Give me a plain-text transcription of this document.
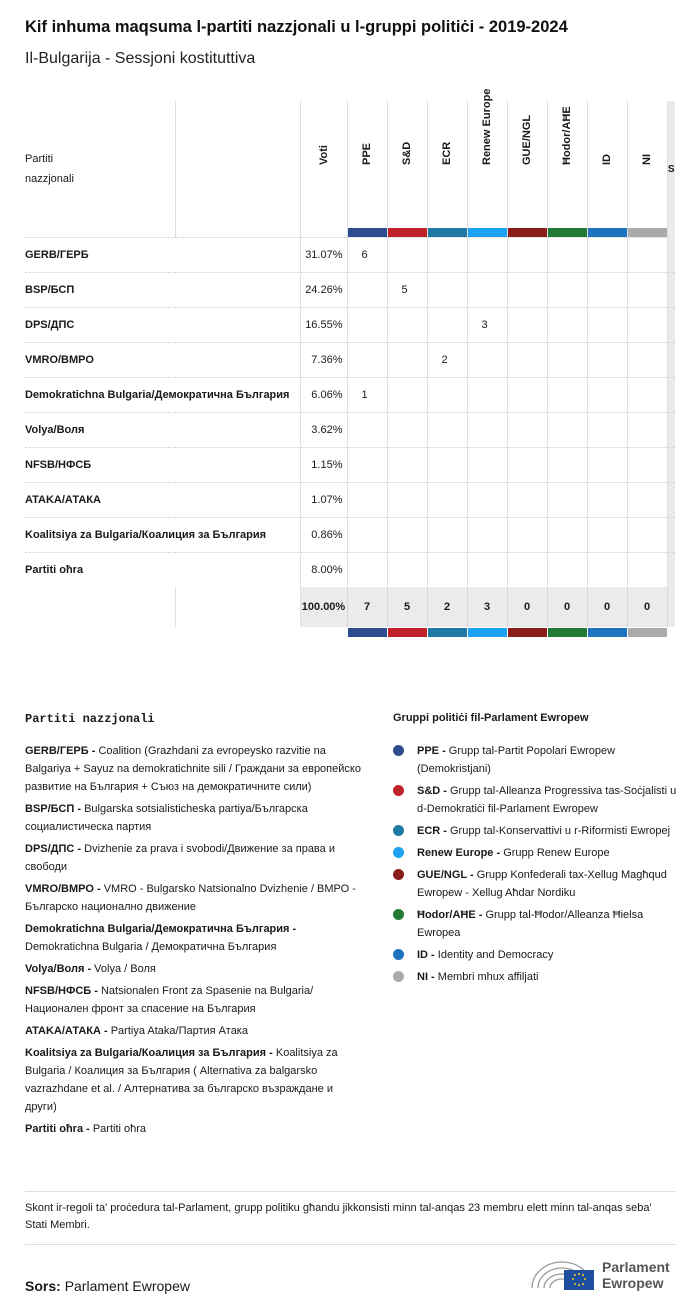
Kif inhuma maqsuma l-partiti nazzjonali u l-gruppi politiċi - 2019-2024
Il-Bulgarija - Sessjoni kostituttiva
Partiti nazzjonali		Voti	PPE	S&D	ECR	Renew Europe	GUE/NGL	Ħodor/AĦE	ID	NI	S
GERB/ГЕРБ		31.07%	6								
BSP/БСП		24.26%		5							
DPS/ДПС		16.55%				3					
VMRO/ВМРО		7.36%			2						
Demokratichna Bulgaria/Демократична България		6.06%	1								
Volya/Воля		3.62%									
NFSB/НФСБ		1.15%									
ATAKA/АТАКА		1.07%									
Koalitsiya za Bulgaria/Коалиция за България		0.86%									
Partiti oħra		8.00%									
		100.00%	7	5	2	3	0	0	0	0

Partiti nazzjonali

GERB/ГЕРБ - Coalition (Grazhdani za evropeysko razvitie na Balgariya + Sayuz na demokratichnite sili / Граждани за европейско развитие на България + Съюз на демократичните сили)

BSP/БСП - Bulgarska sotsialisticheska partiya/Българска социалистическа партия

DPS/ДПС - Dvizhenie za prava i svobodi/Движение за права и свободи

VMRO/ВМРО - VMRO - Bulgarsko Natsionalno Dvizhenie / ВМРО - Българско национално движение

Demokratichna Bulgaria/Демократична България - Demokratichna Bulgaria / Демократична България

Volya/Воля - Volya / Воля

NFSB/НФСБ - Natsionalen Front za Spasenie na Bulgaria/ Национален фронт за спасение на България

ATAKA/АТАКА - Partiya Ataka/Партия Атака

Koalitsiya za Bulgaria/Коалиция за България - Koalitsiya za Bulgaria / Коалиция за България ( Alternativa za balgarsko vazrazhdane et al. / Алтернатива за българско възраждане и други)

Partiti oħra - Partiti oħra

Gruppi politiċi fil-Parlament Ewropew
PPE - Grupp tal-Partit Popolari Ewropew (Demokristjani)
S&D - Grupp tal-Alleanza Progressiva tas-Soċjalisti u d-Demokratiċi fil-Parlament Ewropew
ECR - Grupp tal-Konservattivi u r-Riformisti Ewropej
Renew Europe - Grupp Renew Europe
GUE/NGL - Grupp Konfederali tax-Xellug Magħqud Ewropew - Xellug Aħdar Nordiku
Ħodor/AĦE - Grupp tal-Ħodor/Alleanza Ħielsa Ewropea
ID - Identity and Democracy
NI - Membri mhux affiljati
Skont ir-regoli ta' proċedura tal-Parlament, grupp politiku għandu jikkonsisti minn tal-anqas 23 membru elett minn tal-anqas seba' Stati Membri.
Sors: Parlament Ewropew
Parlament
Ewropew
